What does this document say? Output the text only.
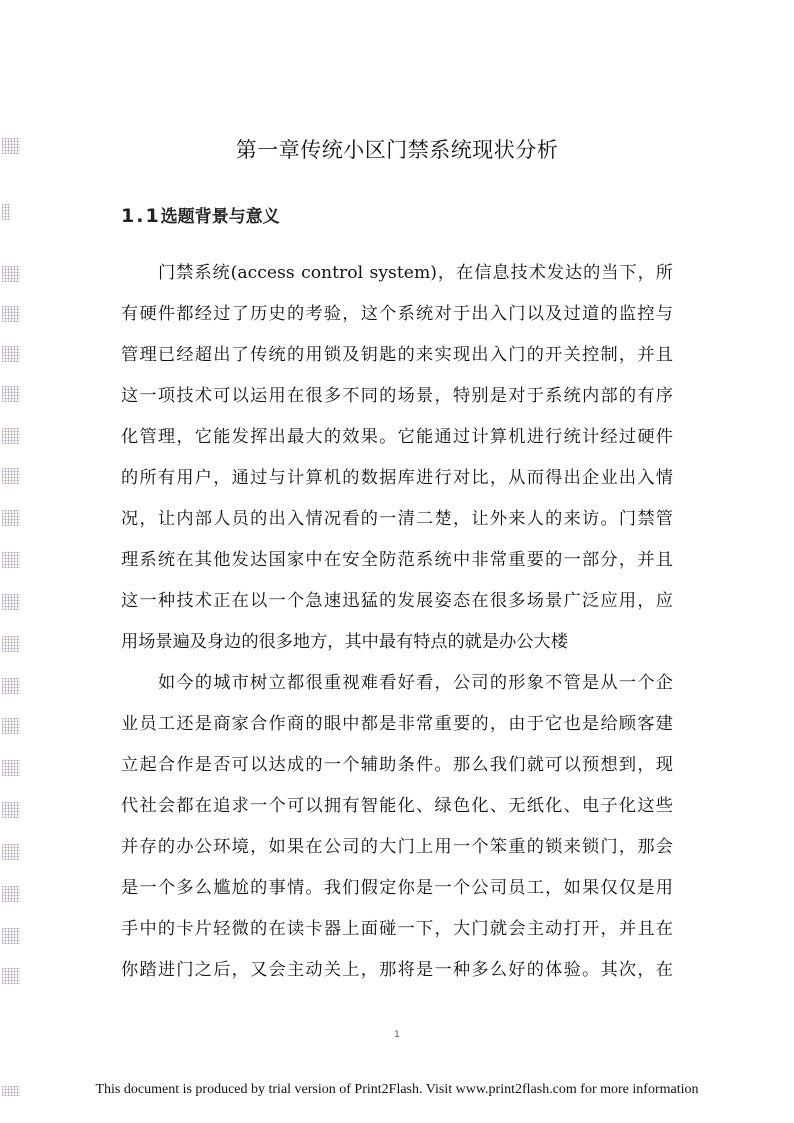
第一章传统小区门禁系统现状分析
1.1选题背景与意义
门禁系统(access control system)，在信息技术发达的当下，所
有硬件都经过了历史的考验，这个系统对于出入门以及过道的监控与
管理已经超出了传统的用锁及钥匙的来实现出入门的开关控制，并且
这一项技术可以运用在很多不同的场景，特别是对于系统内部的有序
化管理，它能发挥出最大的效果。它能通过计算机进行统计经过硬件
的所有用户，通过与计算机的数据库进行对比，从而得出企业出入情
况，让内部人员的出入情况看的一清二楚，让外来人的来访。门禁管
理系统在其他发达国家中在安全防范系统中非常重要的一部分，并且
这一种技术正在以一个急速迅猛的发展姿态在很多场景广泛应用，应
用场景遍及身边的很多地方，其中最有特点的就是办公大楼
如今的城市树立都很重视难看好看，公司的形象不管是从一个企
业员工还是商家合作商的眼中都是非常重要的，由于它也是给顾客建
立起合作是否可以达成的一个辅助条件。那么我们就可以预想到，现
代社会都在追求一个可以拥有智能化、绿色化、无纸化、电子化这些
并存的办公环境，如果在公司的大门上用一个笨重的锁来锁门，那会
是一个多么尴尬的事情。我们假定你是一个公司员工，如果仅仅是用
手中的卡片轻微的在读卡器上面碰一下，大门就会主动打开，并且在
你踏进门之后，又会主动关上，那将是一种多么好的体验。其次，在
1
This document is produced by trial version of Print2Flash. Visit www.print2flash.com for more information
